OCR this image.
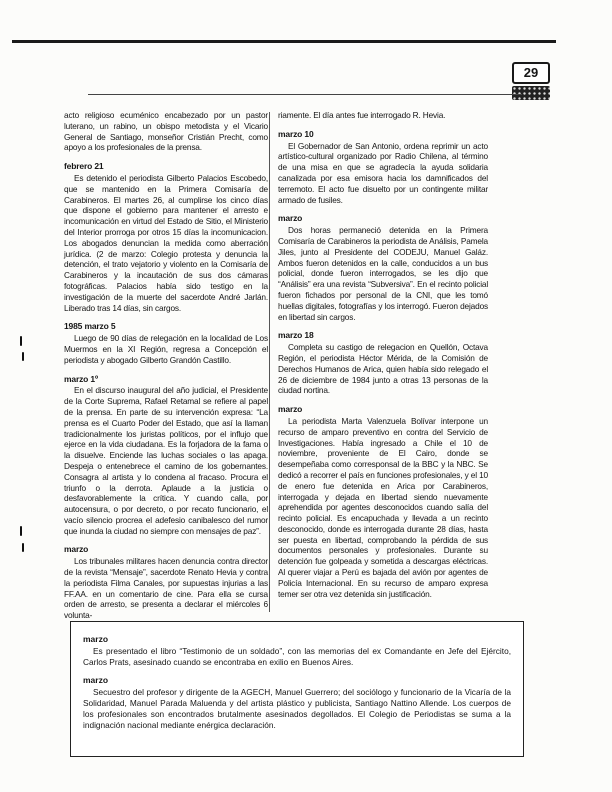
29
acto religioso ecuménico encabezado por un pastor luterano, un rabino, un obispo metodista y el Vicario General de Santiago, monseñor Cristián Precht, como apoyo a los profesionales de la prensa.
febrero 21
Es detenido el periodista Gilberto Palacios Escobedo, que se mantenido en la Primera Comisaría de Carabineros. El martes 26, al cumplirse los cinco días que dispone el gobierno para mantener el arresto e incomunicación en virtud del Estado de Sitio, el Ministerio del Interior prorroga por otros 15 días la incomunicacion. Los abogados denuncian la medida como aberración jurídica. (2 de marzo: Colegio protesta y denuncia la detención, el trato vejatorio y violento en la Comisaría de Carabineros y la incautación de sus dos cámaras fotográficas. Palacios había sido testigo en la investigación de la muerte del sacerdote André Jarlán. Liberado tras 14 días, sin cargos.
1985 marzo 5
Luego de 90 días de relegación en la localidad de Los Muermos en la XI Región, regresa a Concepción el periodista y abogado Gilberto Grandón Castillo.
marzo 1º
En el discurso inaugural del año judicial, el Presidente de la Corte Suprema, Rafael Retamal se refiere al papel de la prensa. En parte de su intervención expresa: “La prensa es el Cuarto Poder del Estado, que así la llaman tradicionalmente los juristas políticos, por el influjo que ejerce en la vida ciudadana. Es la forjadora de la fama o la disuelve. Enciende las luchas sociales o las apaga. Despeja o entenebrece el camino de los gobernantes. Consagra al artista y lo condena al fracaso. Procura el triunfo o la derrota. Aplaude a la justicia o desfavorablemente la crítica. Y cuando calla, por autocensura, o por decreto, o por recato funcionario, el vacío silencio procrea el adefesio canibalesco del rumor que inunda la ciudad no siempre con mensajes de paz”.
marzo
Los tribunales militares hacen denuncia contra director de la revista “Mensaje”, sacerdote Renato Hevia y contra la periodista Filma Canales, por supuestas injurias a las FF.AA. en un comentario de cine. Para ella se cursa orden de arresto, se presenta a declarar el miércoles 6 volunta-
riamente. El día antes fue interrogado R. Hevia.
marzo 10
El Gobernador de San Antonio, ordena reprimir un acto artístico-cultural organizado por Radio Chilena, al término de una misa en que se agradecía la ayuda solidaria canalizada por esa emisora hacia los damnificados del terremoto. El acto fue disuelto por un contingente militar armado de fusiles.
marzo
Dos horas permaneció detenida en la Primera Comisaría de Carabineros la periodista de Análisis, Pamela Jiles, junto al Presidente del CODEJU, Manuel Galáz. Ambos fueron detenidos en la calle, conducidos a un bus policial, donde fueron interrogados, se les dijo que “Análisis” era una revista “Subversiva”. En el recinto policial fueron fichados por personal de la CNI, que les tomó huellas digitales, fotografías y los interrogó. Fueron dejados en libertad sin cargos.
marzo 18
Completa su castigo de relegacion en Quellón, Octava Región, el periodista Héctor Mérida, de la Comisión de Derechos Humanos de Arica, quien había sido relegado el 26 de diciembre de 1984 junto a otras 13 personas de la ciudad nortina.
marzo
La periodista Marta Valenzuela Bolívar interpone un recurso de amparo preventivo en contra del Servicio de Investigaciones. Había ingresado a Chile el 10 de noviembre, proveniente de El Cairo, donde se desempeñaba como corresponsal de la BBC y la NBC. Se dedicó a recorrer el país en funciones profesionales, y el 10 de enero fue detenida en Arica por Carabineros, interrogada y dejada en libertad siendo nuevamente aprehendida por agentes desconocidos cuando salía del recinto policial. Es encapuchada y llevada a un recinto desconocido, donde es interrogada durante 28 días, hasta ser puesta en libertad, comprobando la pérdida de sus documentos personales y profesionales. Durante su detención fue golpeada y sometida a descargas eléctricas. Al querer viajar a Perú es bajada del avión por agentes de Policía Internacional. En su recurso de amparo expresa temer ser otra vez detenida sin justificación.
marzo
Es presentado el libro “Testimonio de un soldado”, con las memorias del ex Comandante en Jefe del Ejército, Carlos Prats, asesinado cuando se encontraba en exilio en Buenos Aires.
marzo
Secuestro del profesor y dirigente de la AGECH, Manuel Guerrero; del sociólogo y funcionario de la Vicaría de la Solidaridad, Manuel Parada Maluenda y del artista plástico y publicista, Santiago Nattino Allende. Los cuerpos de los profesionales son encontrados brutalmente asesinados degollados. El Colegio de Periodistas se suma a la indignación nacional mediante enérgica declaración.
